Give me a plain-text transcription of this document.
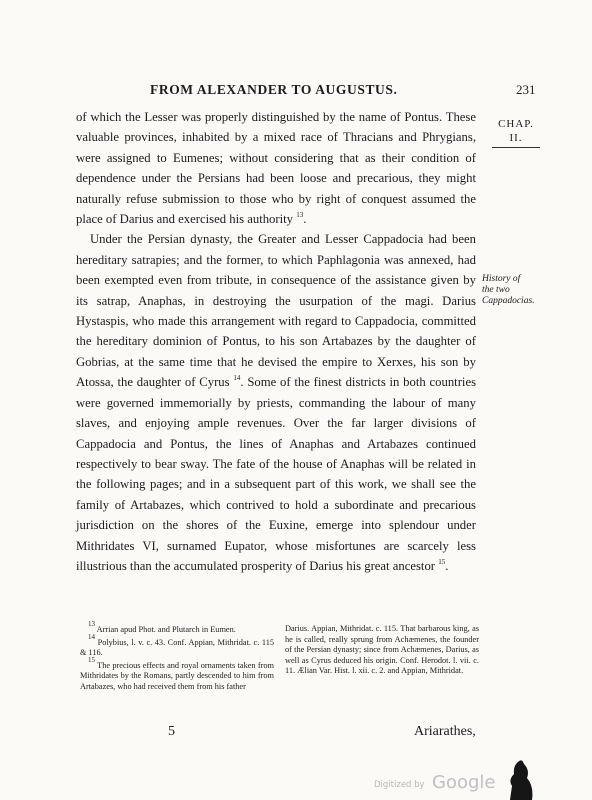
FROM ALEXANDER TO AUGUSTUS.	231
CHAP.
II.
History of
the two
Cappadocias.

of which the Lesser was properly distinguished by the name of Pontus. These valuable provinces, inhabited by a mixed race of Thracians and Phrygians, were assigned to Eumenes; without considering that as their condition of dependence under the Persians had been loose and precarious, they might naturally refuse submission to those who by right of conquest assumed the place of Darius and exercised his authority $^{13}$.

Under the Persian dynasty, the Greater and Lesser Cappadocia had been hereditary satrapies; and the former, to which Paphlagonia was annexed, had been exempted even from tribute, in consequence of the assistance given by its satrap, Anaphas, in destroying the usurpation of the magi. Darius Hystaspis, who made this arrangement with regard to Cappadocia, committed the hereditary dominion of Pontus, to his son Artabazes by the daughter of Gobrias, at the same time that he devised the empire to Xerxes, his son by Atossa, the daughter of Cyrus $^{14}$. Some of the finest districts in both countries were governed immemorially by priests, commanding the labour of many slaves, and enjoying ample revenues. Over the far larger divisions of Cappadocia and Pontus, the lines of Anaphas and Artabazes continued respectively to bear sway. The fate of the house of Anaphas will be related in the following pages; and in a subsequent part of this work, we shall see the family of Artabazes, which contrived to hold a subordinate and precarious jurisdiction on the shores of the Euxine, emerge into splendour under Mithridates VI, surnamed Eupator, whose misfortunes are scarcely less illustrious than the accumulated prosperity of Darius his great ancestor $^{15}$.

$^{13}$ Arrian apud Phot. and Plutarch in Eumen.

$^{14}$ Polybius, l. v. c. 43. Conf. Appian, Mithridat. c. 115 & 116.

$^{15}$ The precious effects and royal ornaments taken from Mithridates by the Romans, partly descended to him from Artabazes, who had received them from his father

Darius. Appian, Mithridat. c. 115. That barbarous king, as he is called, really sprung from Achæmenes, the founder of the Persian dynasty; since from Achæmenes, Darius, as well as Cyrus deduced his origin. Conf. Herodot. l. vii. c. 11. Ælian Var. Hist. l. xii. c. 2. and Appian, Mithridat.

5	Ariarathes,
Digitized by Google
